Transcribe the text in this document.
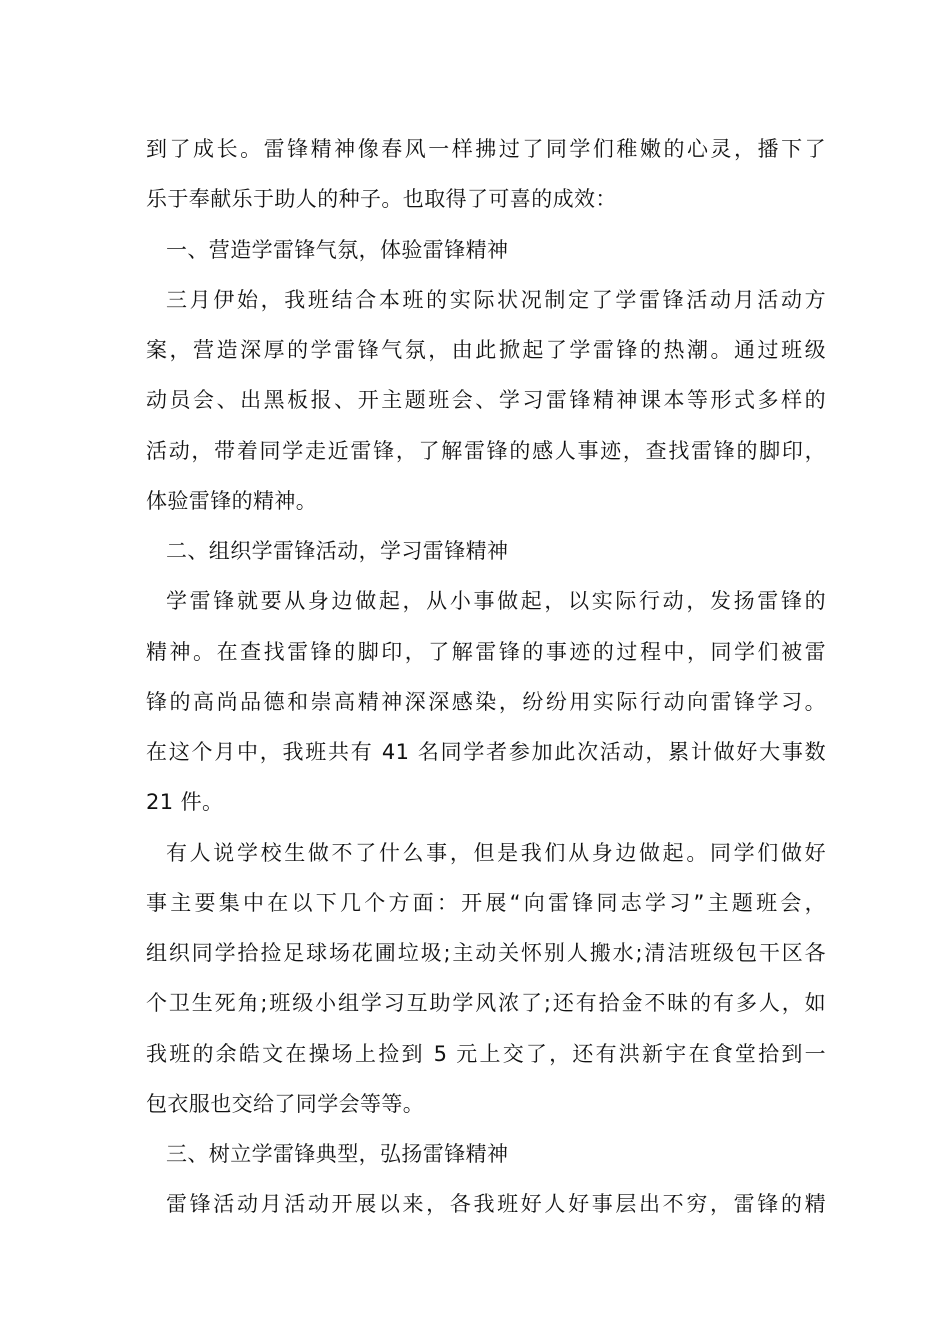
到了成长。雷锋精神像春风一样拂过了同学们稚嫩的心灵，播下了
乐于奉献乐于助人的种子。也取得了可喜的成效：
一、营造学雷锋气氛，体验雷锋精神
三月伊始，我班结合本班的实际状况制定了学雷锋活动月活动方
案，营造深厚的学雷锋气氛，由此掀起了学雷锋的热潮。通过班级
动员会、出黑板报、开主题班会、学习雷锋精神课本等形式多样的
活动，带着同学走近雷锋，了解雷锋的感人事迹，查找雷锋的脚印，
体验雷锋的精神。
二、组织学雷锋活动，学习雷锋精神
学雷锋就要从身边做起，从小事做起，以实际行动，发扬雷锋的
精神。在查找雷锋的脚印，了解雷锋的事迹的过程中，同学们被雷
锋的高尚品德和崇高精神深深感染，纷纷用实际行动向雷锋学习。
在这个月中，我班共有 41 名同学者参加此次活动，累计做好大事数
21 件。
有人说学校生做不了什么事，但是我们从身边做起。同学们做好
事主要集中在以下几个方面：开展“向雷锋同志学习”主题班会，
组织同学拾捡足球场花圃垃圾;主动关怀别人搬水;清洁班级包干区各
个卫生死角;班级小组学习互助学风浓了;还有拾金不昧的有多人，如
我班的余皓文在操场上捡到 5 元上交了，还有洪新宇在食堂拾到一
包衣服也交给了同学会等等。
三、树立学雷锋典型，弘扬雷锋精神
雷锋活动月活动开展以来，各我班好人好事层出不穷，雷锋的精
